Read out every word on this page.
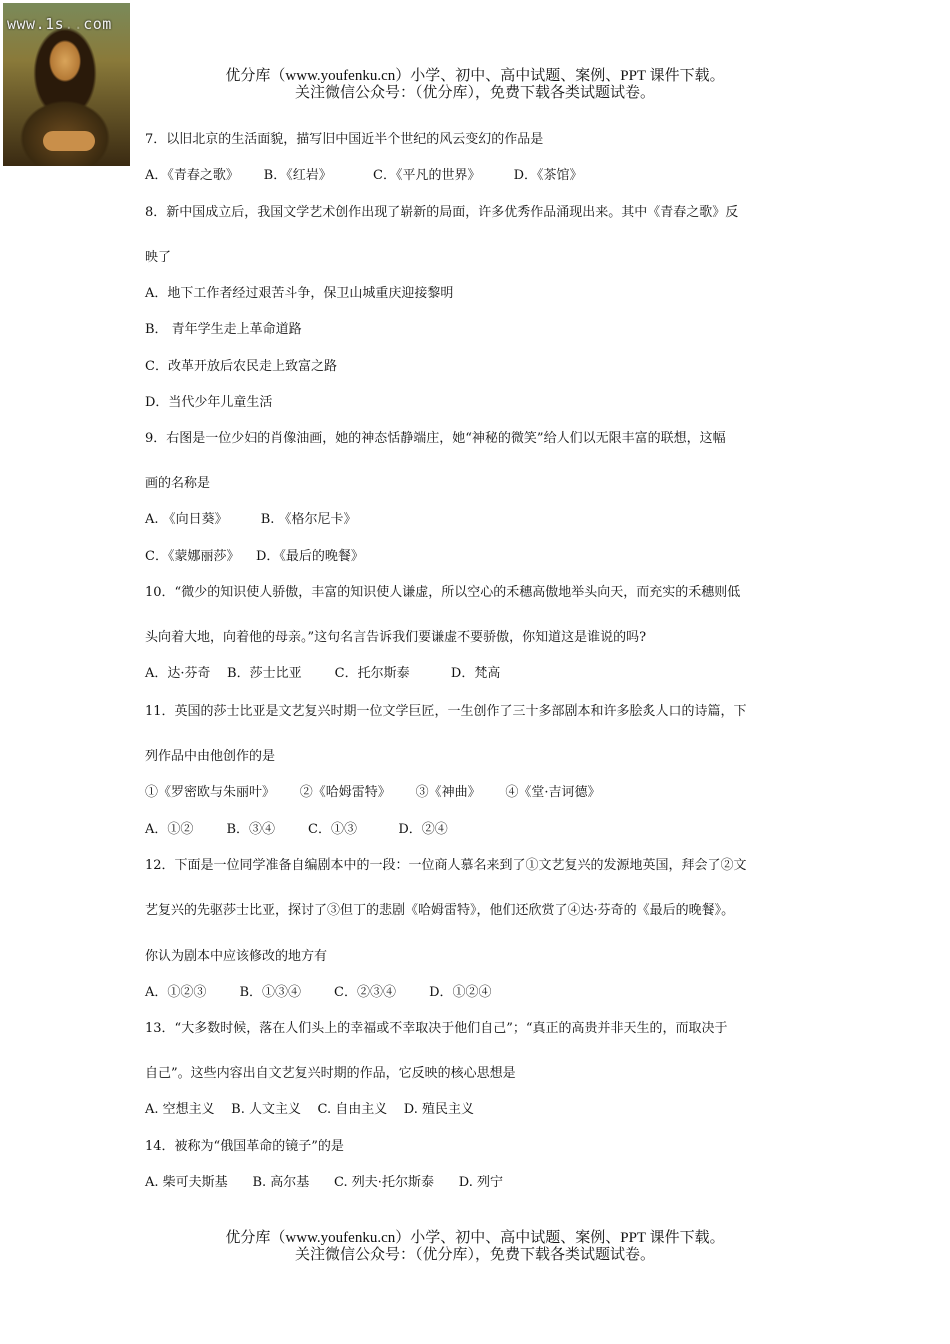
www.1s..com
优分库（www.youfenku.cn）小学、初中、高中试题、案例、PPT 课件下载。
关注微信公众号：（优分库），免费下载各类试题试卷。
7．以旧北京的生活面貌，描写旧中国近半个世纪的风云变幻的作品是
A．《青春之歌》      B．《红岩》          C．《平凡的世界》        D．《茶馆》
8．新中国成立后，我国文学艺术创作出现了崭新的局面，许多优秀作品涌现出来。其中《青春之歌》反
映了
A．地下工作者经过艰苦斗争，保卫山城重庆迎接黎明
B． 青年学生走上革命道路
C．改革开放后农民走上致富之路
D．当代少年儿童生活
9．右图是一位少妇的肖像油画，她的神态恬静端庄，她“神秘的微笑”给人们以无限丰富的联想，这幅
画的名称是
A. 《向日葵》        B. 《格尔尼卡》
C．《蒙娜丽莎》    D．《最后的晚餐》
10．“微少的知识使人骄傲，丰富的知识使人谦虚，所以空心的禾穗高傲地举头向天，而充实的禾穗则低
头向着大地，向着他的母亲。”这句名言告诉我们要谦虚不要骄傲，你知道这是谁说的吗?
A．达·芬奇    B．莎士比亚        C．托尔斯泰          D．梵高
11．英国的莎士比亚是文艺复兴时期一位文学巨匠，一生创作了三十多部剧本和许多脍炙人口的诗篇，下
列作品中由他创作的是
①《罗密欧与朱丽叶》      ②《哈姆雷特》      ③《神曲》      ④《堂·吉诃德》
A．①②        B．③④        C．①③          D．②④
12．下面是一位同学准备自编剧本中的一段：一位商人慕名来到了①文艺复兴的发源地英国，拜会了②文
艺复兴的先驱莎士比亚，探讨了③但丁的悲剧《哈姆雷特》，他们还欣赏了④达·芬奇的《最后的晚餐》。
你认为剧本中应该修改的地方有
A．①②③        B．①③④        C．②③④        D．①②④
13．“大多数时候，落在人们头上的幸福或不幸取决于他们自己”；“真正的高贵并非天生的，而取决于
自己”。这些内容出自文艺复兴时期的作品，它反映的核心思想是
A. 空想主义    B. 人文主义    C. 自由主义    D. 殖民主义
14．被称为“俄国革命的镜子”的是
A. 柴可夫斯基      B. 高尔基      C. 列夫·托尔斯泰      D. 列宁
优分库（www.youfenku.cn）小学、初中、高中试题、案例、PPT 课件下载。
关注微信公众号：（优分库），免费下载各类试题试卷。
